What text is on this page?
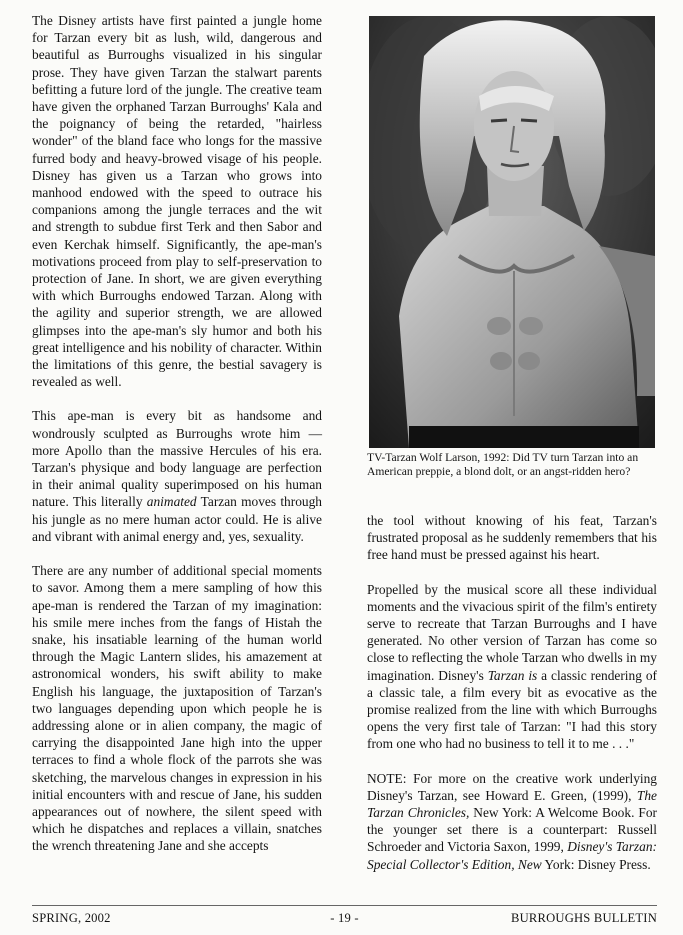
The Disney artists have first painted a jungle home for Tarzan every bit as lush, wild, dangerous and beautiful as Burroughs visualized in his singular prose. They have given Tarzan the stalwart parents befitting a future lord of the jungle. The creative team have given the orphaned Tarzan Burroughs' Kala and the poignancy of being the retarded, "hairless wonder" of the bland face who longs for the massive furred body and heavy-browed visage of his people. Disney has given us a Tarzan who grows into manhood endowed with the speed to outrace his companions among the jungle terraces and the wit and strength to subdue first Terk and then Sabor and even Kerchak himself. Significantly, the ape-man's motivations proceed from play to self-preservation to protection of Jane. In short, we are given everything with which Burroughs endowed Tarzan. Along with the agility and superior strength, we are allowed glimpses into the ape-man's sly humor and both his great intelligence and his nobility of character. Within the limitations of this genre, the bestial savagery is revealed as well.

This ape-man is every bit as handsome and wondrously sculpted as Burroughs wrote him — more Apollo than the massive Hercules of his era. Tarzan's physique and body language are perfection in their animal quality superimposed on his human nature. This literally animated Tarzan moves through his jungle as no mere human actor could. He is alive and vibrant with animal energy and, yes, sexuality.

There are any number of additional special moments to savor. Among them a mere sampling of how this ape-man is rendered the Tarzan of my imagination: his smile mere inches from the fangs of Histah the snake, his insatiable learning of the human world through the Magic Lantern slides, his amazement at astronomical wonders, his swift ability to make English his language, the juxtaposition of Tarzan's two languages depending upon which people he is addressing alone or in alien company, the magic of carrying the disappointed Jane high into the upper terraces to find a whole flock of the parrots she was sketching, the marvelous changes in expression in his initial encounters with and rescue of Jane, his sudden appearances out of nowhere, the silent speed with which he dispatches and replaces a villain, snatches the wrench threatening Jane and she accepts

TV-Tarzan Wolf Larson, 1992: Did TV turn Tarzan into an American preppie, a blond dolt, or an angst-ridden hero?

the tool without knowing of his feat, Tarzan's frustrated proposal as he suddenly remembers that his free hand must be pressed against his heart.

Propelled by the musical score all these individual moments and the vivacious spirit of the film's entirety serve to recreate that Tarzan Burroughs and I have generated. No other version of Tarzan has come so close to reflecting the whole Tarzan who dwells in my imagination. Disney's Tarzan is a classic rendering of a classic tale, a film every bit as evocative as the promise realized from the line with which Burroughs opens the very first tale of Tarzan: "I had this story from one who had no business to tell it to me . . ."

NOTE: For more on the creative work underlying Disney's Tarzan, see Howard E. Green, (1999), The Tarzan Chronicles, New York: A Welcome Book. For the younger set there is a counterpart: Russell Schroeder and Victoria Saxon, 1999, Disney's Tarzan: Special Collector's Edition, New York: Disney Press.

SPRING, 2002	- 19 -	BURROUGHS BULLETIN
